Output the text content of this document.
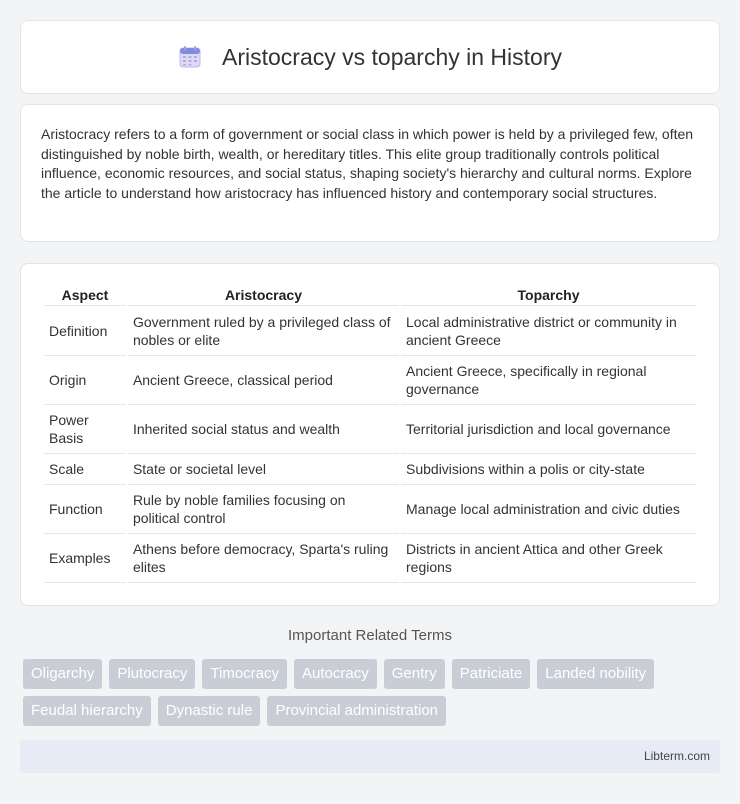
Aristocracy vs toparchy in History

Aristocracy refers to a form of government or social class in which power is held by a privileged few, often distinguished by noble birth, wealth, or hereditary titles. This elite group traditionally controls political influence, economic resources, and social status, shaping society's hierarchy and cultural norms. Explore the article to understand how aristocracy has influenced history and contemporary social structures.

Aspect	Aristocracy	Toparchy
Definition	Government ruled by a privileged class of nobles or elite	Local administrative district or community in ancient Greece
Origin	Ancient Greece, classical period	Ancient Greece, specifically in regional governance
Power Basis	Inherited social status and wealth	Territorial jurisdiction and local governance
Scale	State or societal level	Subdivisions within a polis or city-state
Function	Rule by noble families focusing on political control	Manage local administration and civic duties
Examples	Athens before democracy, Sparta's ruling elites	Districts in ancient Attica and other Greek regions
Important Related Terms
Oligarchy	Plutocracy	Timocracy	Autocracy	Gentry	Patriciate	Landed nobility
Feudal hierarchy	Dynastic rule	Provincial administration
Libterm.com
